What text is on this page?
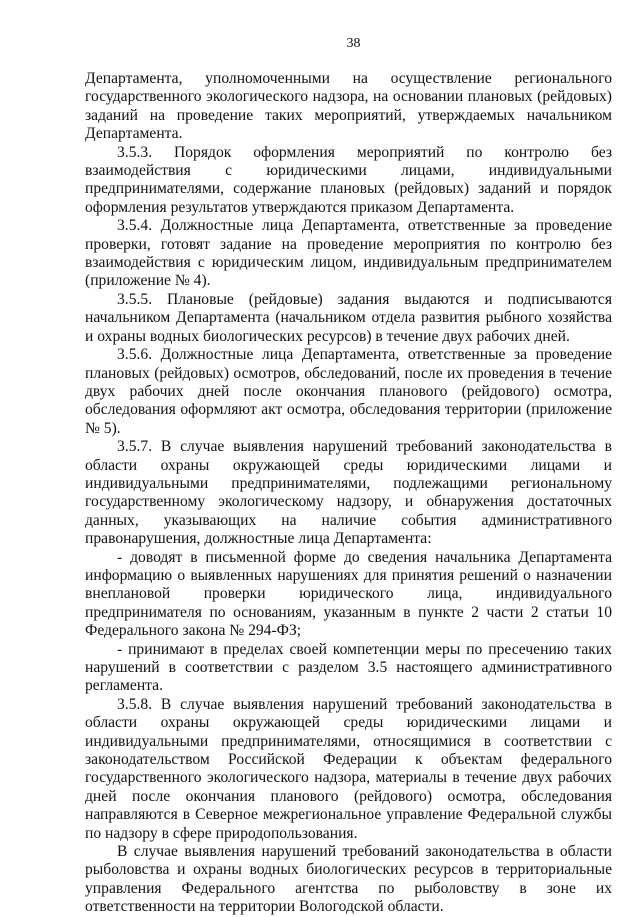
38

Департамента, уполномоченными на осуществление регионального государственного экологического надзора, на основании плановых (рейдовых) заданий на проведение таких мероприятий, утверждаемых начальником Департамента.

3.5.3. Порядок оформления мероприятий по контролю без взаимодействия с юридическими лицами, индивидуальными предпринимателями, содержание плановых (рейдовых) заданий и порядок оформления результатов утверждаются приказом Департамента.

3.5.4. Должностные лица Департамента, ответственные за проведение проверки, готовят задание на проведение мероприятия по контролю без взаимодействия с юридическим лицом, индивидуальным предпринимателем (приложение № 4).

3.5.5. Плановые (рейдовые) задания выдаются и подписываются начальником Департамента (начальником отдела развития рыбного хозяйства и охраны водных биологических ресурсов) в течение двух рабочих дней.

3.5.6. Должностные лица Департамента, ответственные за проведение плановых (рейдовых) осмотров, обследований, после их проведения в течение двух рабочих дней после окончания планового (рейдового) осмотра, обследования оформляют акт осмотра, обследования территории (приложение № 5).

3.5.7. В случае выявления нарушений требований законодательства в области охраны окружающей среды юридическими лицами и индивидуальными предпринимателями, подлежащими региональному государственному экологическому надзору, и обнаружения достаточных данных, указывающих на наличие события административного правонарушения, должностные лица Департамента:

- доводят в письменной форме до сведения начальника Департамента информацию о выявленных нарушениях для принятия решений о назначении внеплановой проверки юридического лица, индивидуального предпринимателя по основаниям, указанным в пункте 2 части 2 статьи 10 Федерального закона № 294-ФЗ;

- принимают в пределах своей компетенции меры по пресечению таких нарушений в соответствии с разделом 3.5 настоящего административного регламента.

3.5.8. В случае выявления нарушений требований законодательства в области охраны окружающей среды юридическими лицами и индивидуальными предпринимателями, относящимися в соответствии с законодательством Российской Федерации к объектам федерального государственного экологического надзора, материалы в течение двух рабочих дней после окончания планового (рейдового) осмотра, обследования направляются в Северное межрегиональное управление Федеральной службы по надзору в сфере природопользования.

В случае выявления нарушений требований законодательства в области рыболовства и охраны водных биологических ресурсов в территориальные управления Федерального агентства по рыболовству в зоне их ответственности на территории Вологодской области.
